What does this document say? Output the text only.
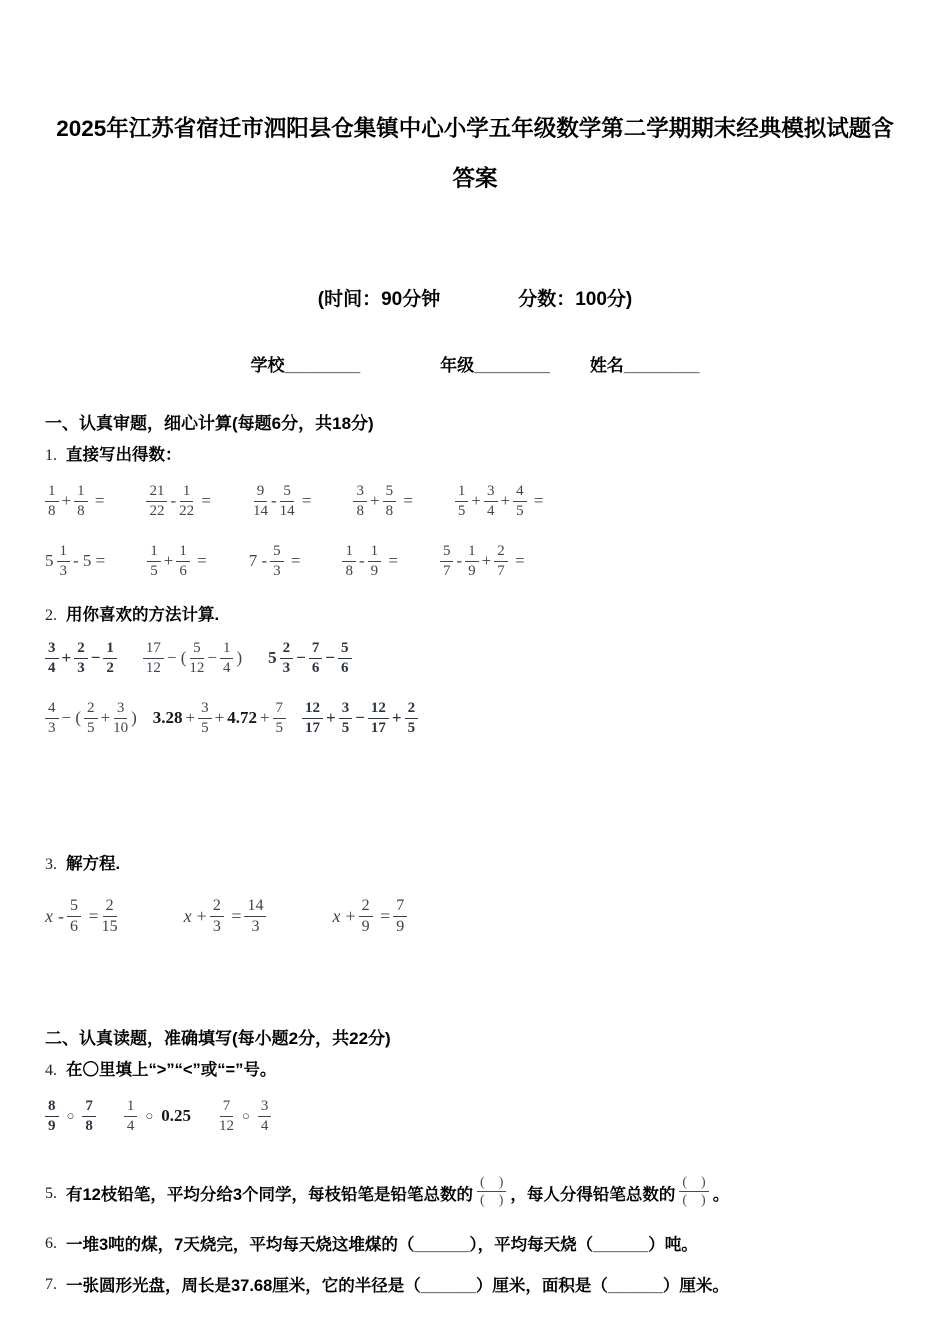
2025年江苏省宿迁市泗阳县仓集镇中心小学五年级数学第二学期期末经典模拟试题含
答案
(时间：90分钟	分数：100分)
学校________	年级________ 姓名________
一、认真审题，细心计算(每题6分，共18分)
1. 直接写出得数：
$\frac{1}{8} + \frac{1}{8}$ =	$\frac{21}{22} - \frac{1}{22}$ =	$\frac{9}{14} - \frac{5}{14}$ =	$\frac{3}{8} + \frac{5}{8}$ =	$\frac{1}{5} + \frac{3}{4} + \frac{4}{5}$ =
$5 \frac{1}{3} - 5$ =	$\frac{1}{5} + \frac{1}{6} = 7 - \frac{5}{3}$ =	$\frac{1}{8} - \frac{1}{9}$ =	$\frac{5}{7} - \frac{1}{9} + \frac{2}{7}$ =
2. 用你喜欢的方法计算.
$\frac{3}{4} + \frac{2}{3} - \frac{1}{2} \frac{17}{12}$ − ( $\frac{5}{12} - \frac{1}{4}$ ) $5 \frac{2}{3} - \frac{7}{6} - \frac{5}{6}$
$\frac{4}{3}$ − ( $\frac{2}{5} + \frac{3}{10}$ ) $3.28 + \frac{3}{5} + 4.72 + \frac{7}{5} \frac{12}{17} + \frac{3}{5} - \frac{12}{17} + \frac{2}{5}$
3. 解方程.
$x - \frac{5}{6} = \frac{2}{15}$	$x + \frac{2}{3} = \frac{14}{3}$	$x + \frac{2}{9} = \frac{7}{9}$
二、认真读题，准确填写(每小题2分，共22分)
4. 在〇里填上“>”“<”或“=”号。
$\frac{8}{9}$ ○ $\frac{7}{8} \frac{1}{4}$ ○ $0.25 \frac{7}{12}$ ○ $\frac{3}{4}$
5. 有12枝铅笔，平均分给3个同学，每枝铅笔是铅笔总数的 $\frac{( )}{( )}$ ，每人分得铅笔总数的 $\frac{( )}{( )}$ 。
6. 一堆3吨的煤，7天烧完，平均每天烧这堆煤的（______），平均每天烧（______）吨。
7. 一张圆形光盘，周长是37.68厘米，它的半径是（______）厘米，面积是（______）厘米。
